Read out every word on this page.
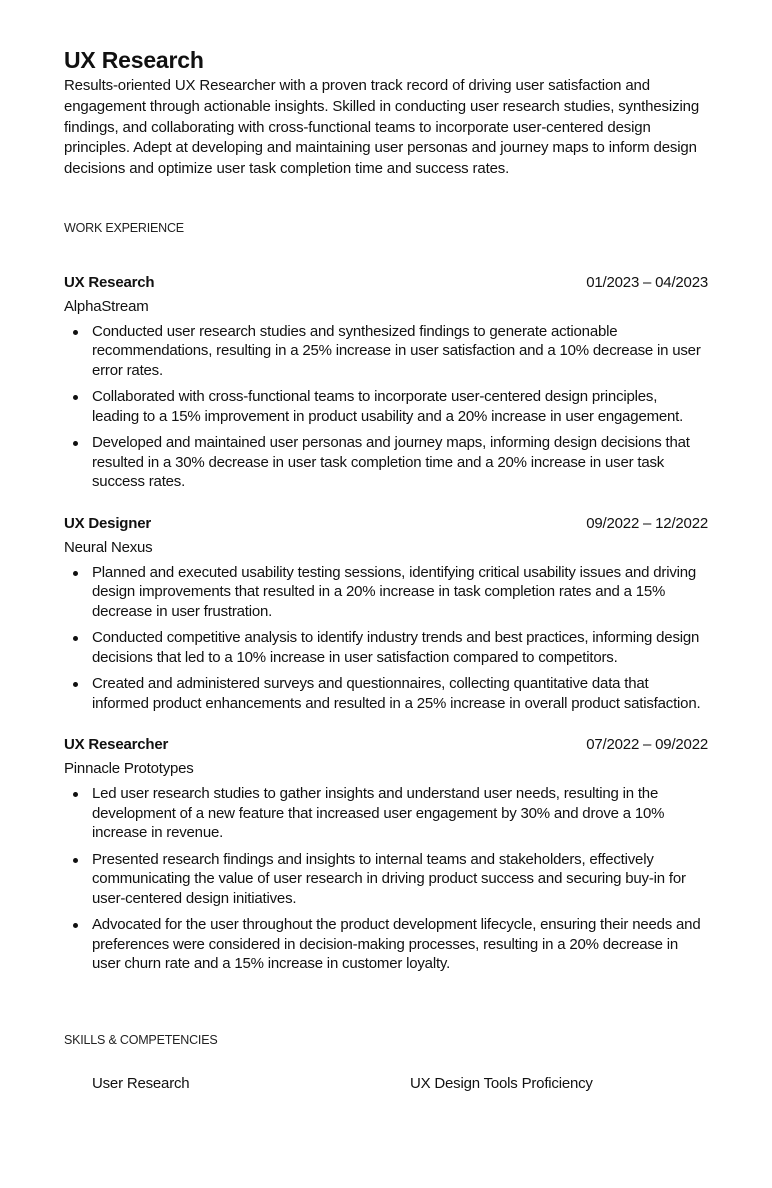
UX Research

Results-oriented UX Researcher with a proven track record of driving user satisfaction and engagement through actionable insights. Skilled in conducting user research studies, synthesizing findings, and collaborating with cross-functional teams to incorporate user-centered design principles. Adept at developing and maintaining user personas and journey maps to inform design decisions and optimize user task completion time and success rates.

WORK EXPERIENCE
UX Research	01/2023 – 04/2023
AlphaStream
Conducted user research studies and synthesized findings to generate actionable recommendations, resulting in a 25% increase in user satisfaction and a 10% decrease in user error rates.
Collaborated with cross-functional teams to incorporate user-centered design principles, leading to a 15% improvement in product usability and a 20% increase in user engagement.
Developed and maintained user personas and journey maps, informing design decisions that resulted in a 30% decrease in user task completion time and a 20% increase in user task success rates.
UX Designer	09/2022 – 12/2022
Neural Nexus
Planned and executed usability testing sessions, identifying critical usability issues and driving design improvements that resulted in a 20% increase in task completion rates and a 15% decrease in user frustration.
Conducted competitive analysis to identify industry trends and best practices, informing design decisions that led to a 10% increase in user satisfaction compared to competitors.
Created and administered surveys and questionnaires, collecting quantitative data that informed product enhancements and resulted in a 25% increase in overall product satisfaction.
UX Researcher	07/2022 – 09/2022
Pinnacle Prototypes
Led user research studies to gather insights and understand user needs, resulting in the development of a new feature that increased user engagement by 30% and drove a 10% increase in revenue.
Presented research findings and insights to internal teams and stakeholders, effectively communicating the value of user research in driving product success and securing buy-in for user-centered design initiatives.
Advocated for the user throughout the product development lifecycle, ensuring their needs and preferences were considered in decision-making processes, resulting in a 20% decrease in user churn rate and a 15% increase in customer loyalty.
SKILLS & COMPETENCIES
User Research	UX Design Tools Proficiency
